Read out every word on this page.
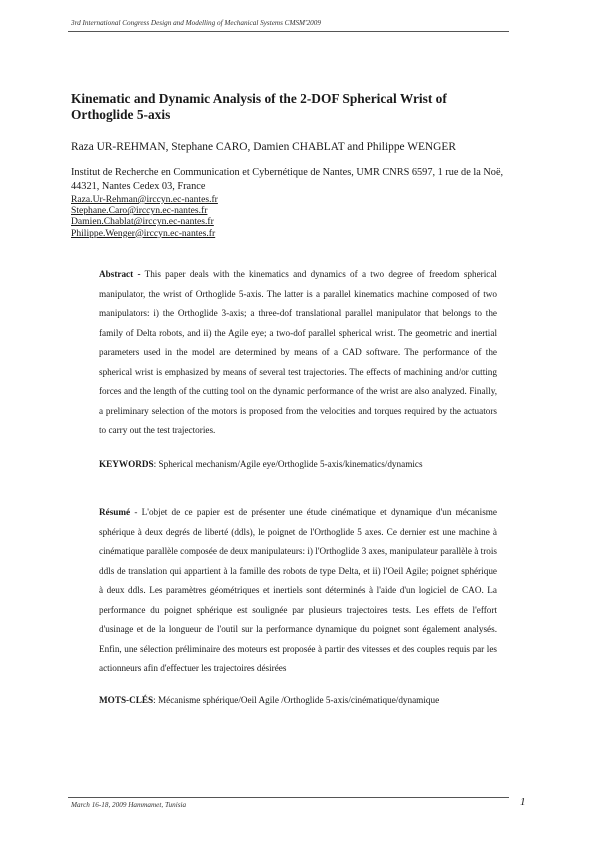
3rd International Congress Design and Modelling of Mechanical Systems CMSM'2009
Kinematic and Dynamic Analysis of the 2-DOF Spherical Wrist of Orthoglide 5-axis
Raza UR-REHMAN, Stephane CARO, Damien CHABLAT and Philippe WENGER
Institut de Recherche en Communication et Cybernétique de Nantes, UMR CNRS 6597, 1 rue de la Noë, 44321, Nantes Cedex 03, France
Raza.Ur-Rehman@irccyn.ec-nantes.fr
Stephane.Caro@irccyn.ec-nantes.fr
Damien.Chablat@irccyn.ec-nantes.fr
Philippe.Wenger@irccyn.ec-nantes.fr
Abstract - This paper deals with the kinematics and dynamics of a two degree of freedom spherical manipulator, the wrist of Orthoglide 5-axis. The latter is a parallel kinematics machine composed of two manipulators: i) the Orthoglide 3-axis; a three-dof translational parallel manipulator that belongs to the family of Delta robots, and ii) the Agile eye; a two-dof parallel spherical wrist. The geometric and inertial parameters used in the model are determined by means of a CAD software. The performance of the spherical wrist is emphasized by means of several test trajectories. The effects of machining and/or cutting forces and the length of the cutting tool on the dynamic performance of the wrist are also analyzed. Finally, a preliminary selection of the motors is proposed from the velocities and torques required by the actuators to carry out the test trajectories.
KEYWORDS: Spherical mechanism/Agile eye/Orthoglide 5-axis/kinematics/dynamics
Résumé - L'objet de ce papier est de présenter une étude cinématique et dynamique d'un mécanisme sphérique à deux degrés de liberté (ddls), le poignet de l'Orthoglide 5 axes. Ce dernier est une machine à cinématique parallèle composée de deux manipulateurs: i) l'Orthoglide 3 axes, manipulateur parallèle à trois ddls de translation qui appartient à la famille des robots de type Delta, et ii) l'Oeil Agile; poignet sphérique à deux ddls. Les paramètres géométriques et inertiels sont déterminés à l'aide d'un logiciel de CAO. La performance du poignet sphérique est soulignée par plusieurs trajectoires tests. Les effets de l'effort d'usinage et de la longueur de l'outil sur la performance dynamique du poignet sont également analysés. Enfin, une sélection préliminaire des moteurs est proposée à partir des vitesses et des couples requis par les actionneurs afin d'effectuer les trajectoires désirées
MOTS-CLÉS: Mécanisme sphérique/Oeil Agile /Orthoglide 5-axis/cinématique/dynamique
March 16-18, 2009 Hammamet, Tunisia	1
